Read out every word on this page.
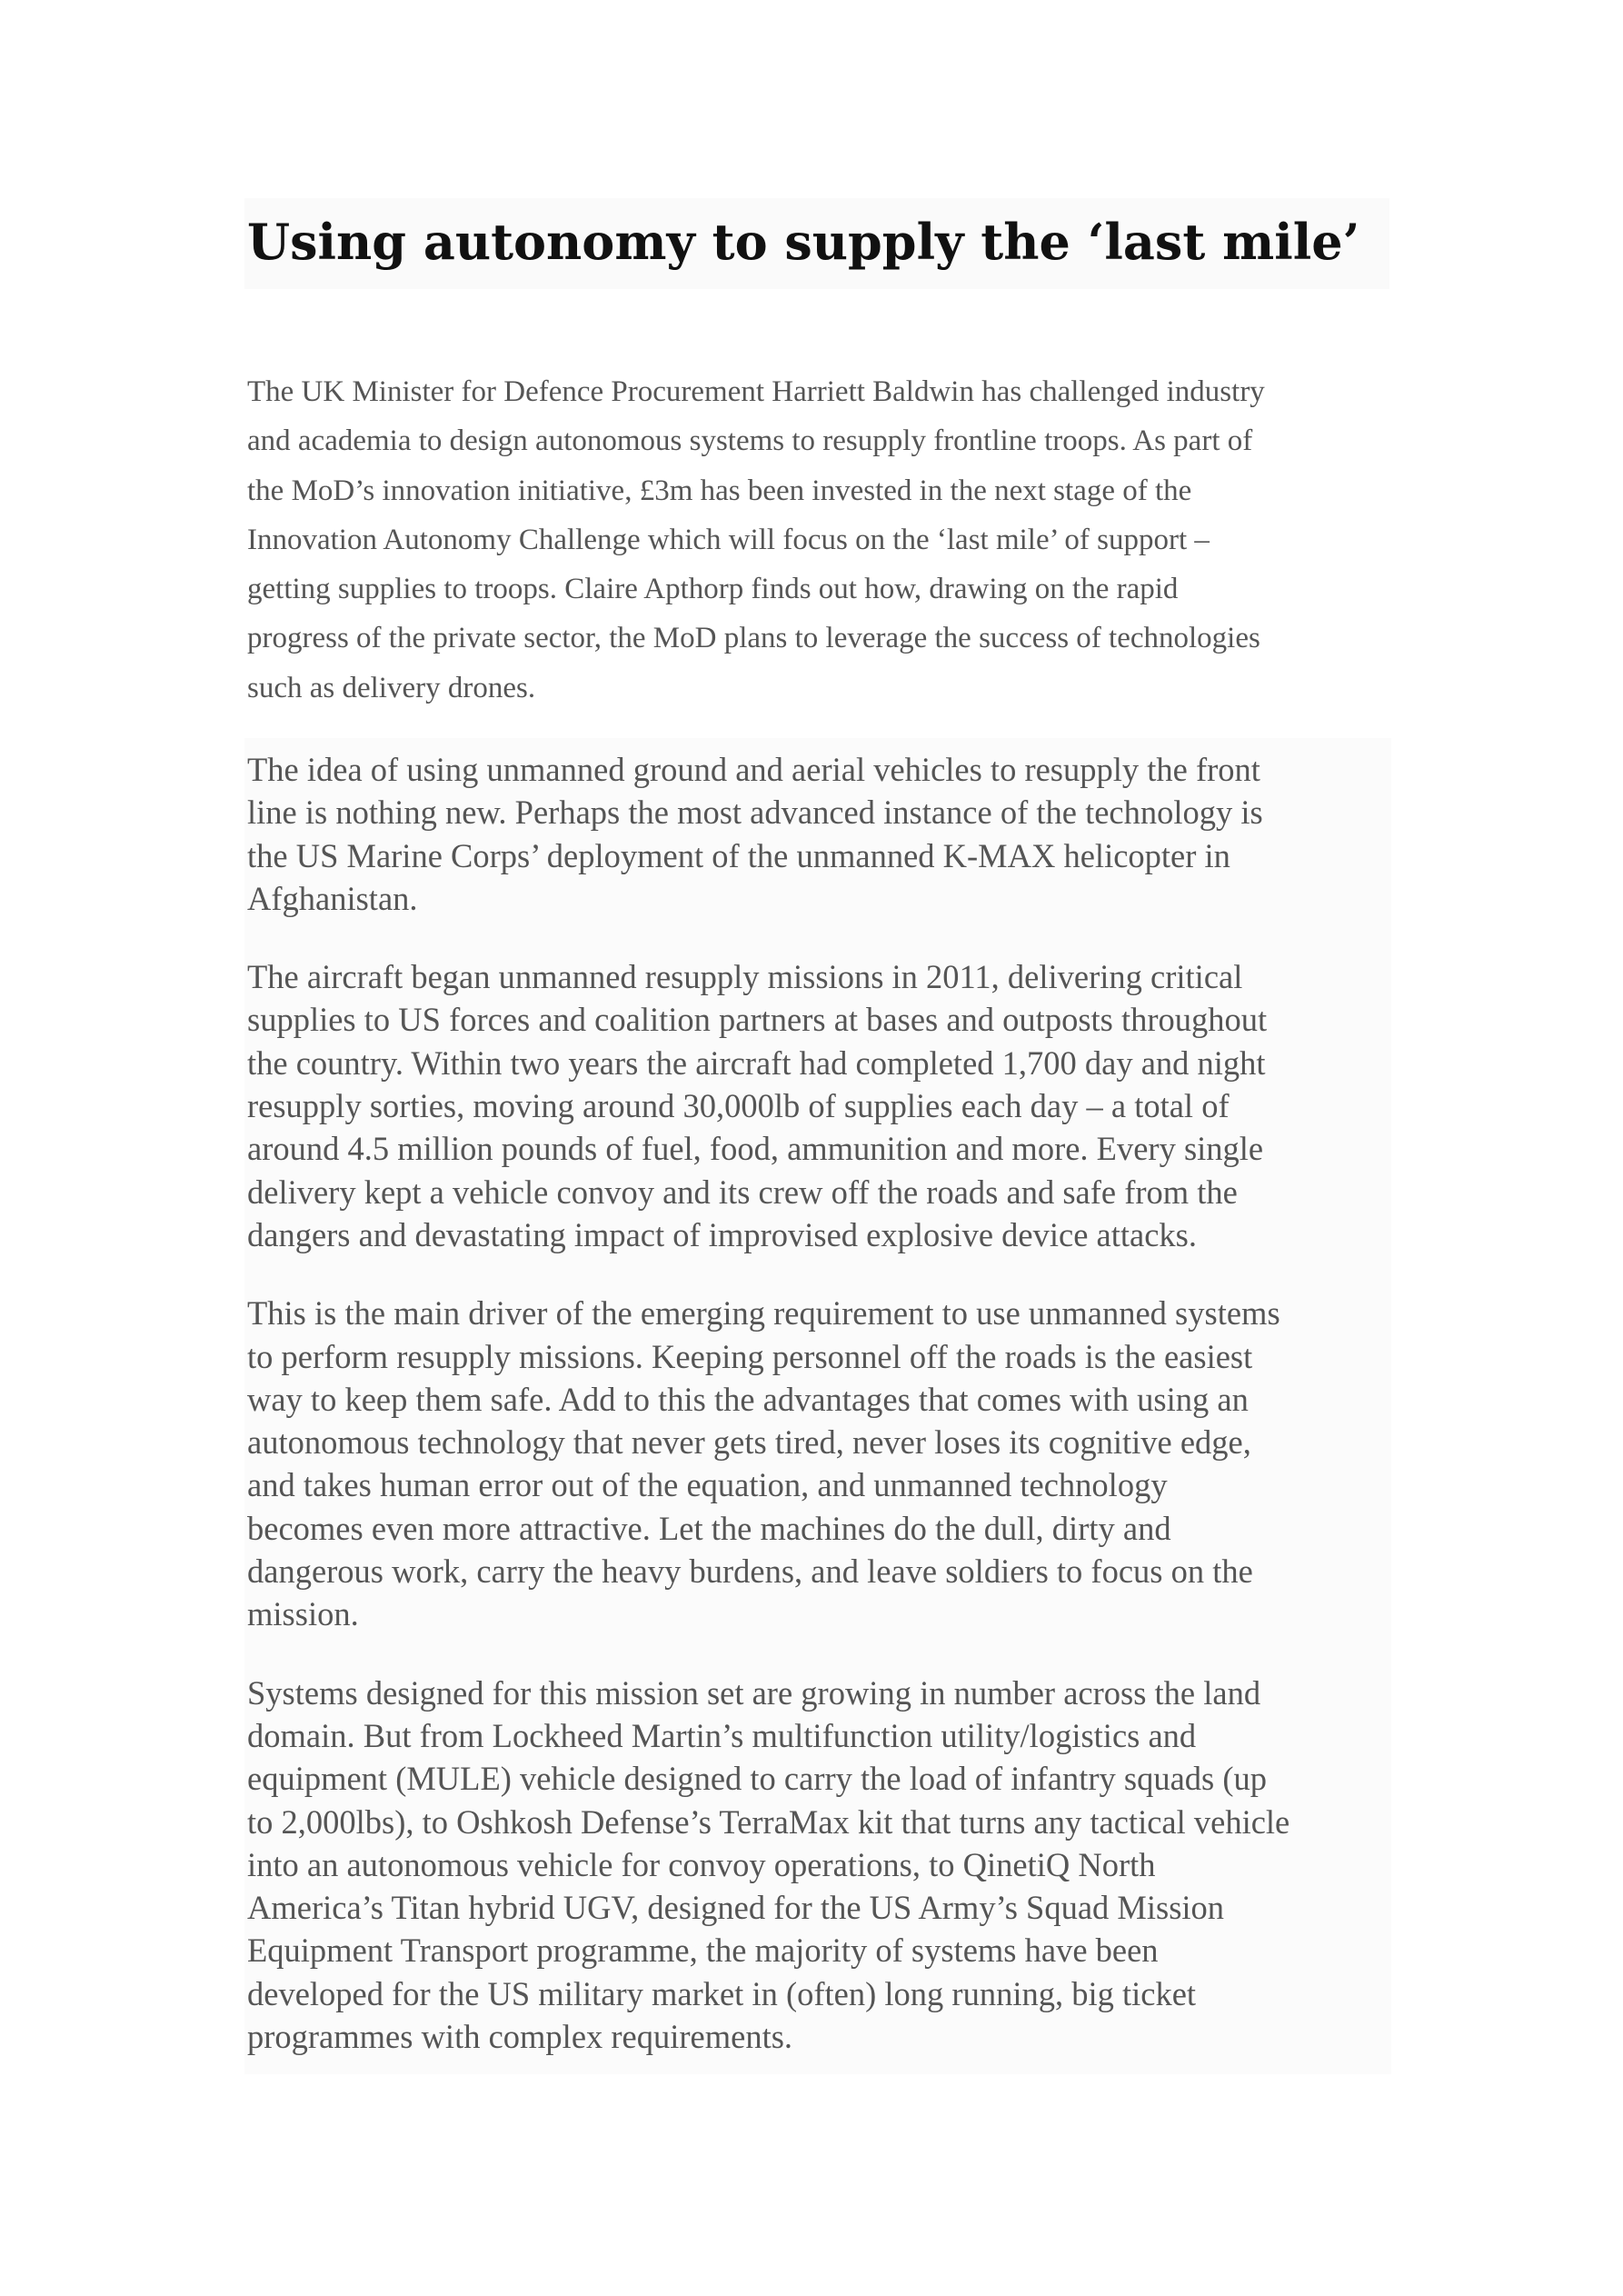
Using autonomy to supply the ‘last mile’

The UK Minister for Defence Procurement Harriett Baldwin has challenged industry
and academia to design autonomous systems to resupply frontline troops. As part of
the MoD’s innovation initiative, £3m has been invested in the next stage of the
Innovation Autonomy Challenge which will focus on the ‘last mile’ of support –
getting supplies to troops. Claire Apthorp finds out how, drawing on the rapid
progress of the private sector, the MoD plans to leverage the success of technologies
such as delivery drones.

The idea of using unmanned ground and aerial vehicles to resupply the front
line is nothing new. Perhaps the most advanced instance of the technology is
the US Marine Corps’ deployment of the unmanned K-MAX helicopter in
Afghanistan.

The aircraft began unmanned resupply missions in 2011, delivering critical
supplies to US forces and coalition partners at bases and outposts throughout
the country. Within two years the aircraft had completed 1,700 day and night
resupply sorties, moving around 30,000lb of supplies each day – a total of
around 4.5 million pounds of fuel, food, ammunition and more. Every single
delivery kept a vehicle convoy and its crew off the roads and safe from the
dangers and devastating impact of improvised explosive device attacks.

This is the main driver of the emerging requirement to use unmanned systems
to perform resupply missions. Keeping personnel off the roads is the easiest
way to keep them safe. Add to this the advantages that comes with using an
autonomous technology that never gets tired, never loses its cognitive edge,
and takes human error out of the equation, and unmanned technology
becomes even more attractive. Let the machines do the dull, dirty and
dangerous work, carry the heavy burdens, and leave soldiers to focus on the
mission.

Systems designed for this mission set are growing in number across the land
domain. But from Lockheed Martin’s multifunction utility/logistics and
equipment (MULE) vehicle designed to carry the load of infantry squads (up
to 2,000lbs), to Oshkosh Defense’s TerraMax kit that turns any tactical vehicle
into an autonomous vehicle for convoy operations, to QinetiQ North
America’s Titan hybrid UGV, designed for the US Army’s Squad Mission
Equipment Transport programme, the majority of systems have been
developed for the US military market in (often) long running, big ticket
programmes with complex requirements.
